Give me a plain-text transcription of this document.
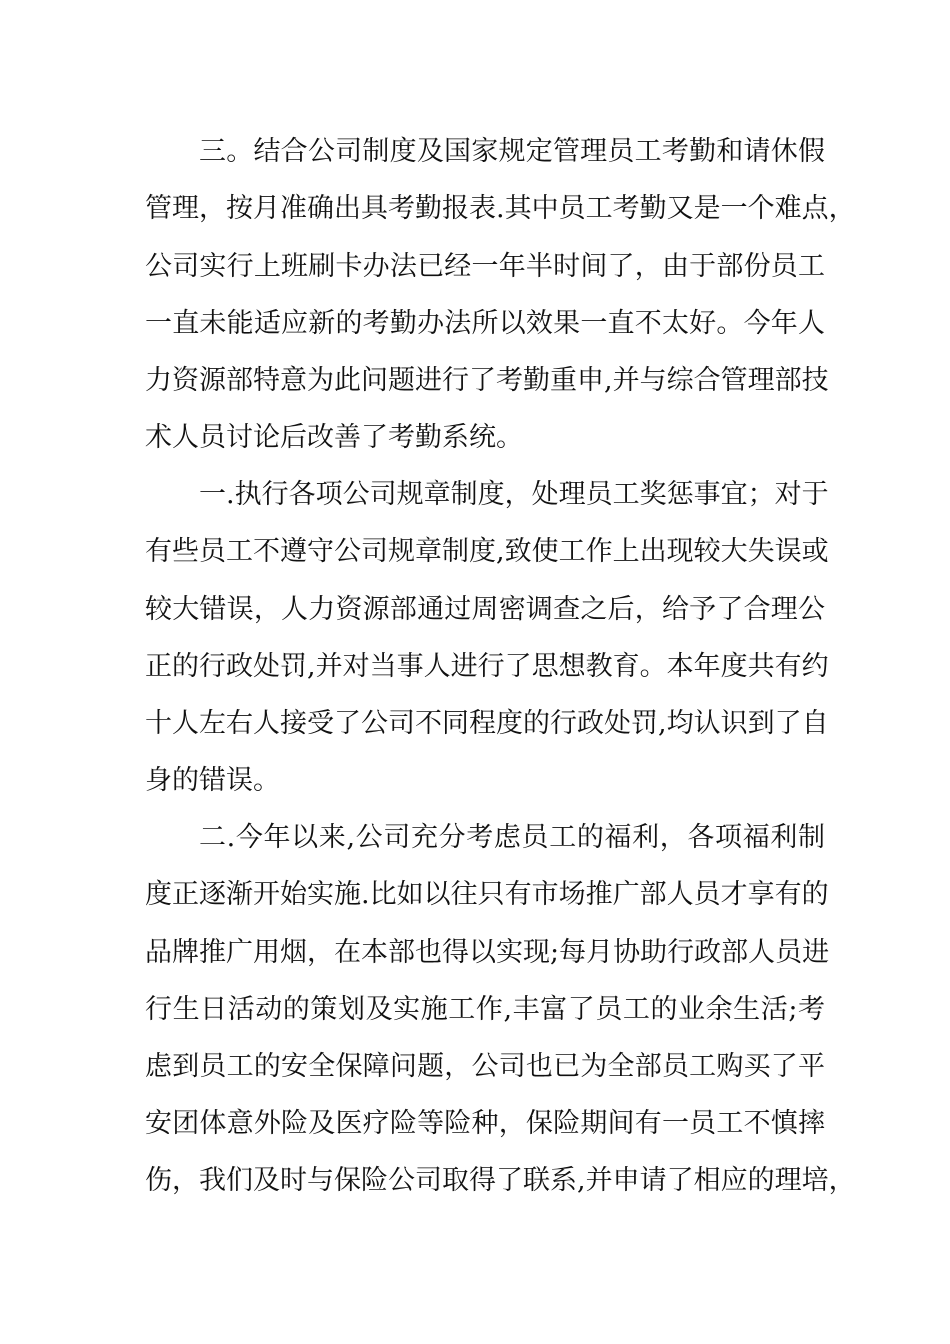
三。结合公司制度及国家规定管理员工考勤和请休假
管理，按月准确出具考勤报表.其中员工考勤又是一个难点，
公司实行上班刷卡办法已经一年半时间了，由于部份员工
一直未能适应新的考勤办法所以效果一直不太好。今年人
力资源部特意为此问题进行了考勤重申,并与综合管理部技
术人员讨论后改善了考勤系统。
一.执行各项公司规章制度，处理员工奖惩事宜；对于
有些员工不遵守公司规章制度,致使工作上出现较大失误或
较大错误，人力资源部通过周密调查之后，给予了合理公
正的行政处罚,并对当事人进行了思想教育。本年度共有约
十人左右人接受了公司不同程度的行政处罚,均认识到了自
身的错误。
二.今年以来,公司充分考虑员工的福利，各项福利制
度正逐渐开始实施.比如以往只有市场推广部人员才享有的
品牌推广用烟，在本部也得以实现;每月协助行政部人员进
行生日活动的策划及实施工作,丰富了员工的业余生活;考
虑到员工的安全保障问题，公司也已为全部员工购买了平
安团体意外险及医疗险等险种，保险期间有一员工不慎摔
伤，我们及时与保险公司取得了联系,并申请了相应的理培，
